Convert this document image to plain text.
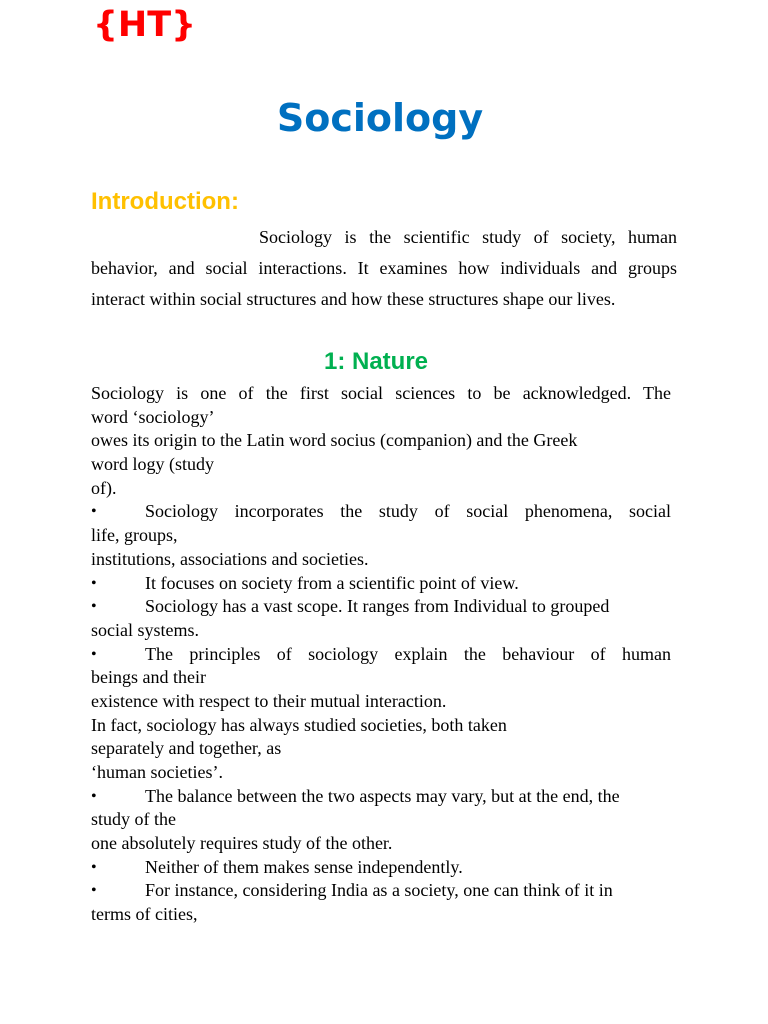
{HT}
Sociology
Introduction:

Sociology is the scientific study of society, human behavior, and social interactions. It examines how individuals and groups interact within social structures and how these structures shape our lives.

1: Nature
Sociology is one of the first social sciences to be acknowledged. The
word ‘sociology’
owes its origin to the Latin word socius (companion) and the Greek
word logy (study
of).
•	Sociology incorporates the study of social phenomena, social
life, groups,
institutions, associations and societies.
•	It focuses on society from a scientific point of view.
•	Sociology has a vast scope. It ranges from Individual to grouped
social systems.
•	The principles of sociology explain the behaviour of human
beings and their
existence with respect to their mutual interaction.
In fact, sociology has always studied societies, both taken
separately and together, as
‘human societies’.
•	The balance between the two aspects may vary, but at the end, the
study of the
one absolutely requires study of the other.
•	Neither of them makes sense independently.
•	For instance, considering India as a society, one can think of it in
terms of cities,
